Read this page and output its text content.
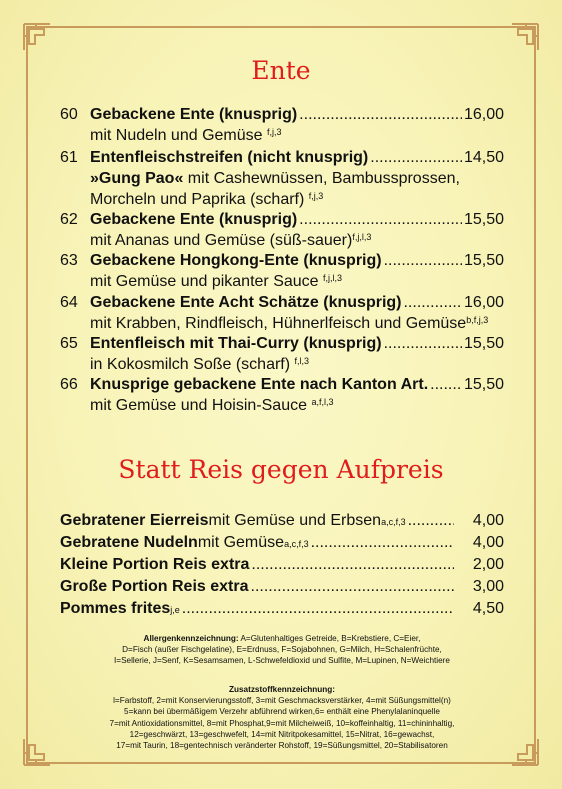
Ente
60 Gebackene Ente (knusprig) .....	16,00
mit Nudeln und Gemüse $^{f,j,3}$
61 Entenfleischstreifen (nicht knusprig) .....	14,50
»Gung Pao« mit Cashewnüssen, Bambussprossen,
Morcheln und Paprika (scharf) $^{f,j,3}$
62 Gebackene Ente (knusprig) .....	15,50
mit Ananas und Gemüse (süß-sauer)$^{f,j,l,3}$
63 Gebackene Hongkong-Ente (knusprig) .....	15,50
mit Gemüse und pikanter Sauce $^{f,j,l,3}$
64 Gebackene Ente Acht Schätze (knusprig) .....	16,00
mit Krabben, Rindfleisch, Hühnerlfeisch und Gemüse$^{b,f,j,3}$
65 Entenfleisch mit Thai-Curry (knusprig) .....	15,50
in Kokosmilch Soße (scharf) $^{f,l,3}$
66 Knusprige gebackene Ente nach Kanton Art. ..... 15,50
mit Gemüse und Hoisin-Sauce $^{a,f,l,3}$
Statt Reis gegen Aufpreis
Gebratener Eierreis mit Gemüse und Erbsen a,c,f,3 .....	4,00
Gebratene Nudeln mit Gemüse a,c,f,3 .....	4,00
Kleine Portion Reis extra .....	2,00
Große Portion Reis extra .....	3,00
Pommes frites j,e .....	4,50
Allergenkennzeichnung: A=Glutenhaltiges Getreide, B=Krebstiere, C=Eier,
D=Fisch (außer Fischgelatine), E=Erdnuss, F=Sojabohnen, G=Milch, H=Schalenfrüchte,
I=Sellerie, J=Senf, K=Sesamsamen, L-Schwefeldioxid und Sulfite, M=Lupinen, N=Weichtiere
Zusatzstoffkennzeichnung:
l=Farbstoff, 2=mit Konservierungsstoff, 3=mit Geschmacksverstärker, 4=mit Süßungsmittel(n)
5=kann bei übermäßigem Verzehr abführend wirken,6= enthält eine Phenylalaninquelle
7=mit Antioxidationsmittel, 8=mit Phosphat,9=mit Milcheiweiß, 10=koffeinhaltig, 11=chininhaltig,
12=geschwärzt, 13=geschwefelt, 14=mit Nitritpokesamittel, 15=Nitrat, 16=gewachst,
17=mit Taurin, 18=gentechnisch veränderter Rohstoff, 19=Süßungsmittel, 20=Stabilisatoren
